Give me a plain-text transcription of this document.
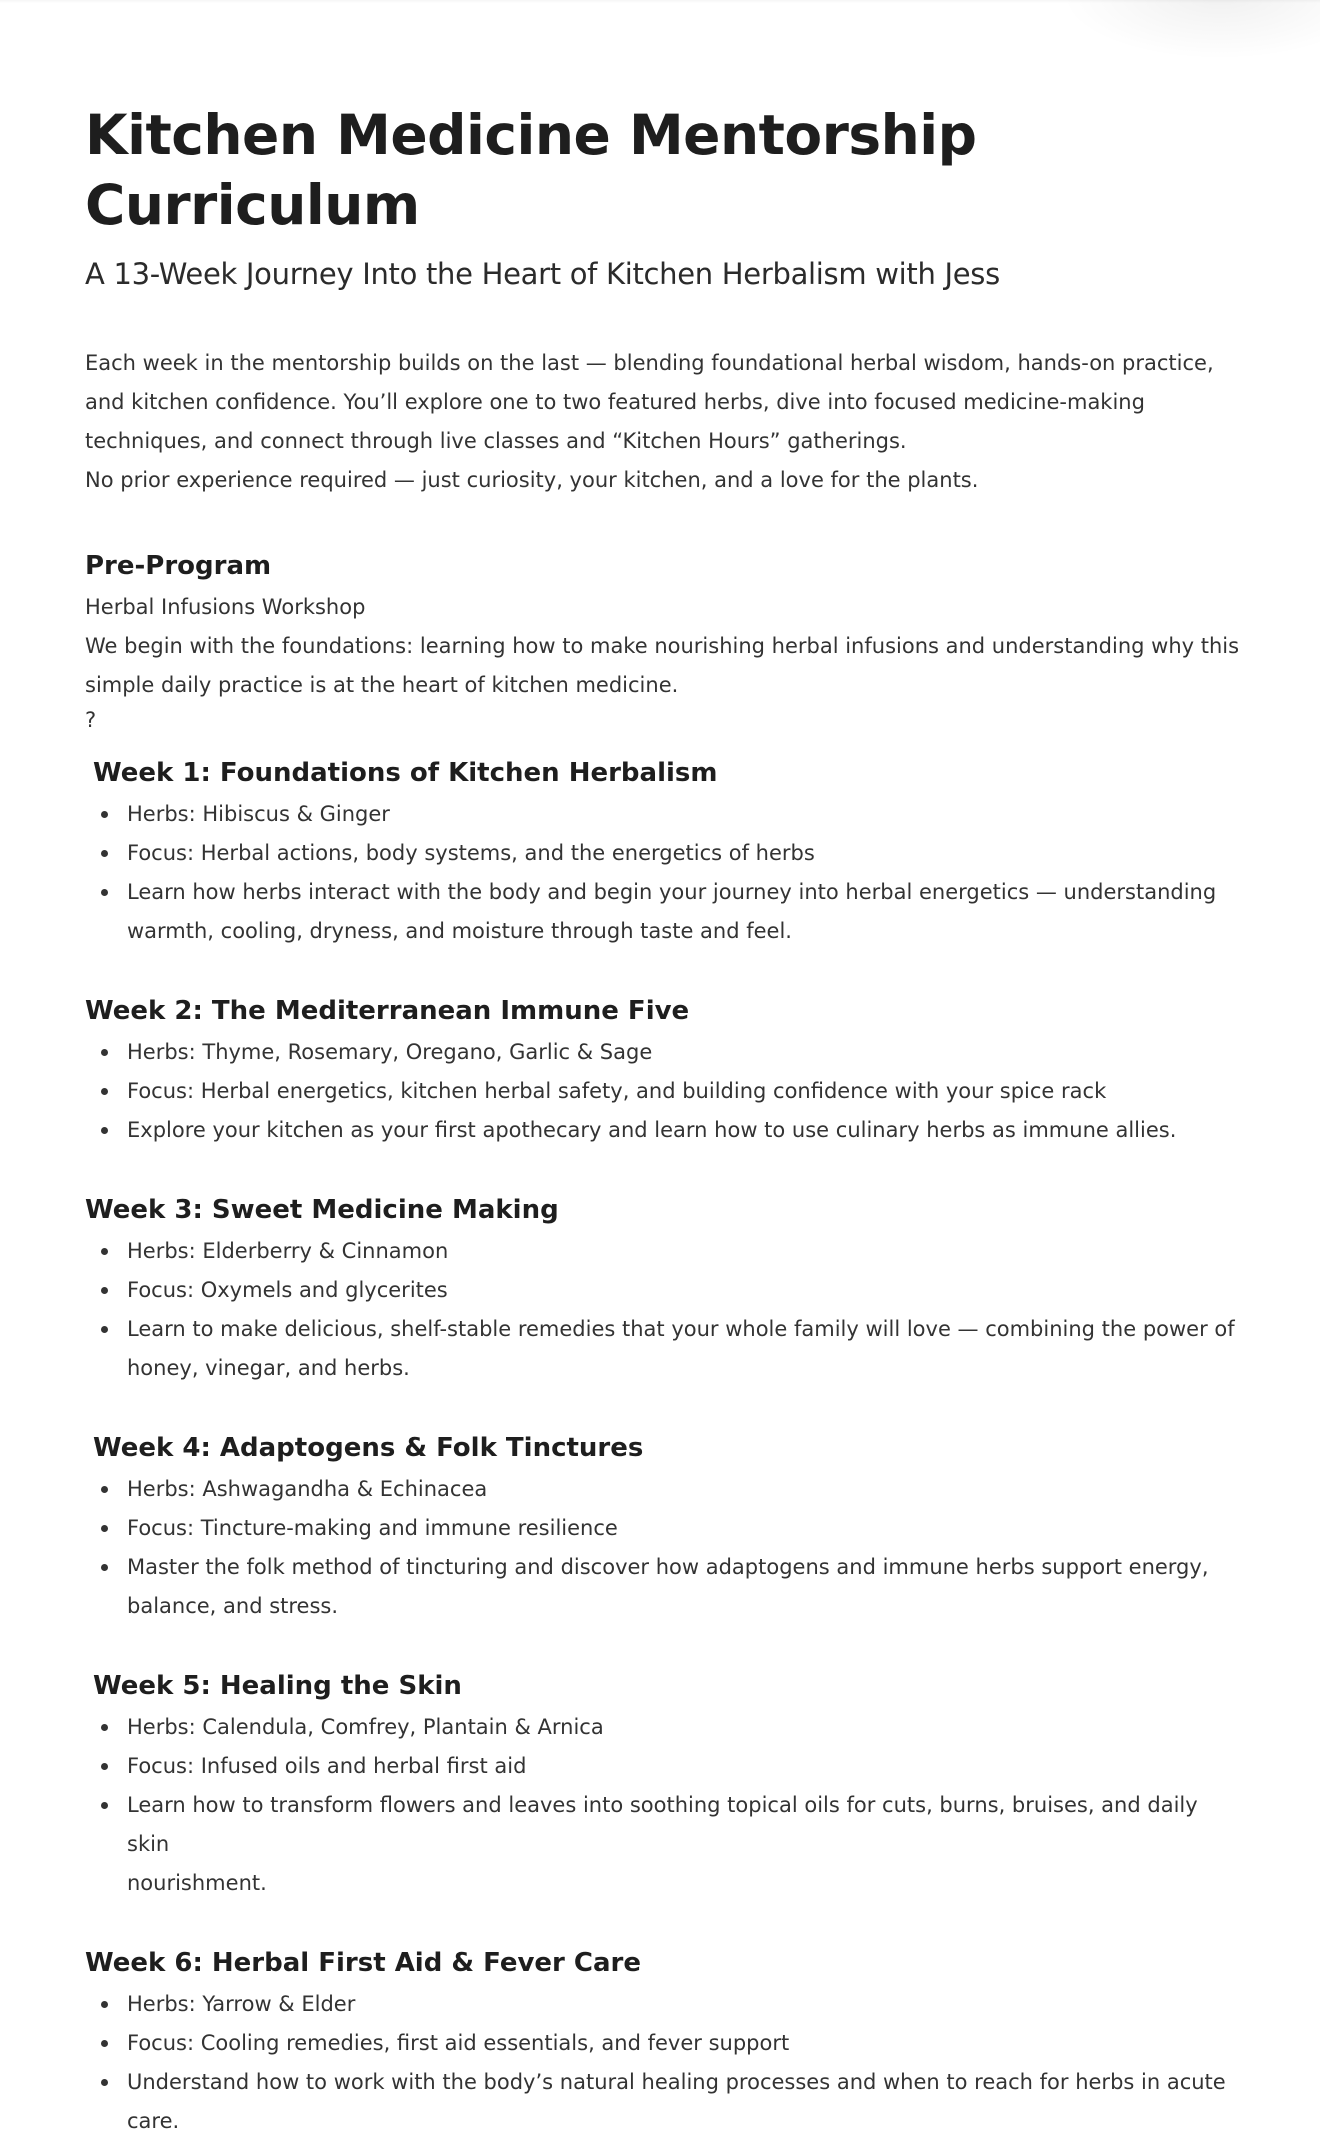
Kitchen Medicine Mentorship Curriculum
A 13-Week Journey Into the Heart of Kitchen Herbalism with Jess

Each week in the mentorship builds on the last — blending foundational herbal wisdom, hands-on practice,

and kitchen confidence. You’ll explore one to two featured herbs, dive into focused medicine-making

techniques, and connect through live classes and “Kitchen Hours” gatherings.

No prior experience required — just curiosity, your kitchen, and a love for the plants.

Pre-Program

Herbal Infusions Workshop

We begin with the foundations: learning how to make nourishing herbal infusions and understanding why this

simple daily practice is at the heart of kitchen medicine.

?

Week 1: Foundations of Kitchen Herbalism
Herbs: Hibiscus & Ginger
Focus: Herbal actions, body systems, and the energetics of herbs
Learn how herbs interact with the body and begin your journey into herbal energetics — understanding
warmth, cooling, dryness, and moisture through taste and feel.
Week 2: The Mediterranean Immune Five
Herbs: Thyme, Rosemary, Oregano, Garlic & Sage
Focus: Herbal energetics, kitchen herbal safety, and building confidence with your spice rack
Explore your kitchen as your first apothecary and learn how to use culinary herbs as immune allies.
Week 3: Sweet Medicine Making
Herbs: Elderberry & Cinnamon
Focus: Oxymels and glycerites
Learn to make delicious, shelf-stable remedies that your whole family will love — combining the power of
honey, vinegar, and herbs.
Week 4: Adaptogens & Folk Tinctures
Herbs: Ashwagandha & Echinacea
Focus: Tincture-making and immune resilience
Master the folk method of tincturing and discover how adaptogens and immune herbs support energy,
balance, and stress.
Week 5: Healing the Skin
Herbs: Calendula, Comfrey, Plantain & Arnica
Focus: Infused oils and herbal first aid
Learn how to transform flowers and leaves into soothing topical oils for cuts, burns, bruises, and daily skin
nourishment.
Week 6: Herbal First Aid & Fever Care
Herbs: Yarrow & Elder
Focus: Cooling remedies, first aid essentials, and fever support
Understand how to work with the body’s natural healing processes and when to reach for herbs in acute
care.
